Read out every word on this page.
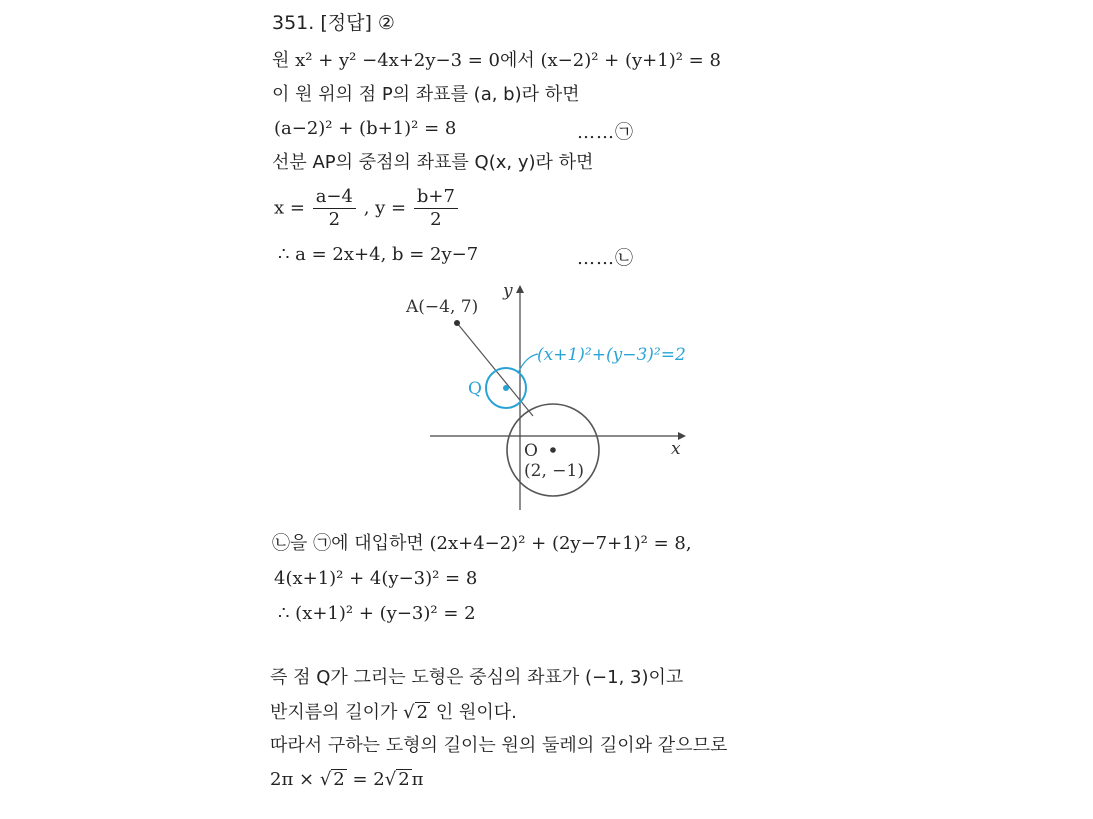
351. [정답] ②
원 x² + y² −4x+2y−3 = 0에서 (x−2)² + (y+1)² = 8
이 원 위의 점 P의 좌표를 (a, b)라 하면
(a−2)² + (b+1)² = 8	……㉠
선분 AP의 중점의 좌표를 Q(x, y)라 하면
$x = \frac{a-4}{2}$ , $y = \frac{b+7}{2}$
∴ a = 2x+4, b = 2y−7	……㉡
A(−4, 7)
Q
(x+1)²+(y−3)²=2
O
(2, −1)
x
y
㉡을 ㉠에 대입하면 (2x+4−2)² + (2y−7+1)² = 8,
4(x+1)² + 4(y−3)² = 8
∴ (x+1)² + (y−3)² = 2
즉 점 Q가 그리는 도형은 중심의 좌표가 (−1, 3)이고
반지름의 길이가 √ 2 인 원이다.
따라서 구하는 도형의 길이는 원의 둘레의 길이와 같으므로
2π × √ 2 = 2√ 2 π
